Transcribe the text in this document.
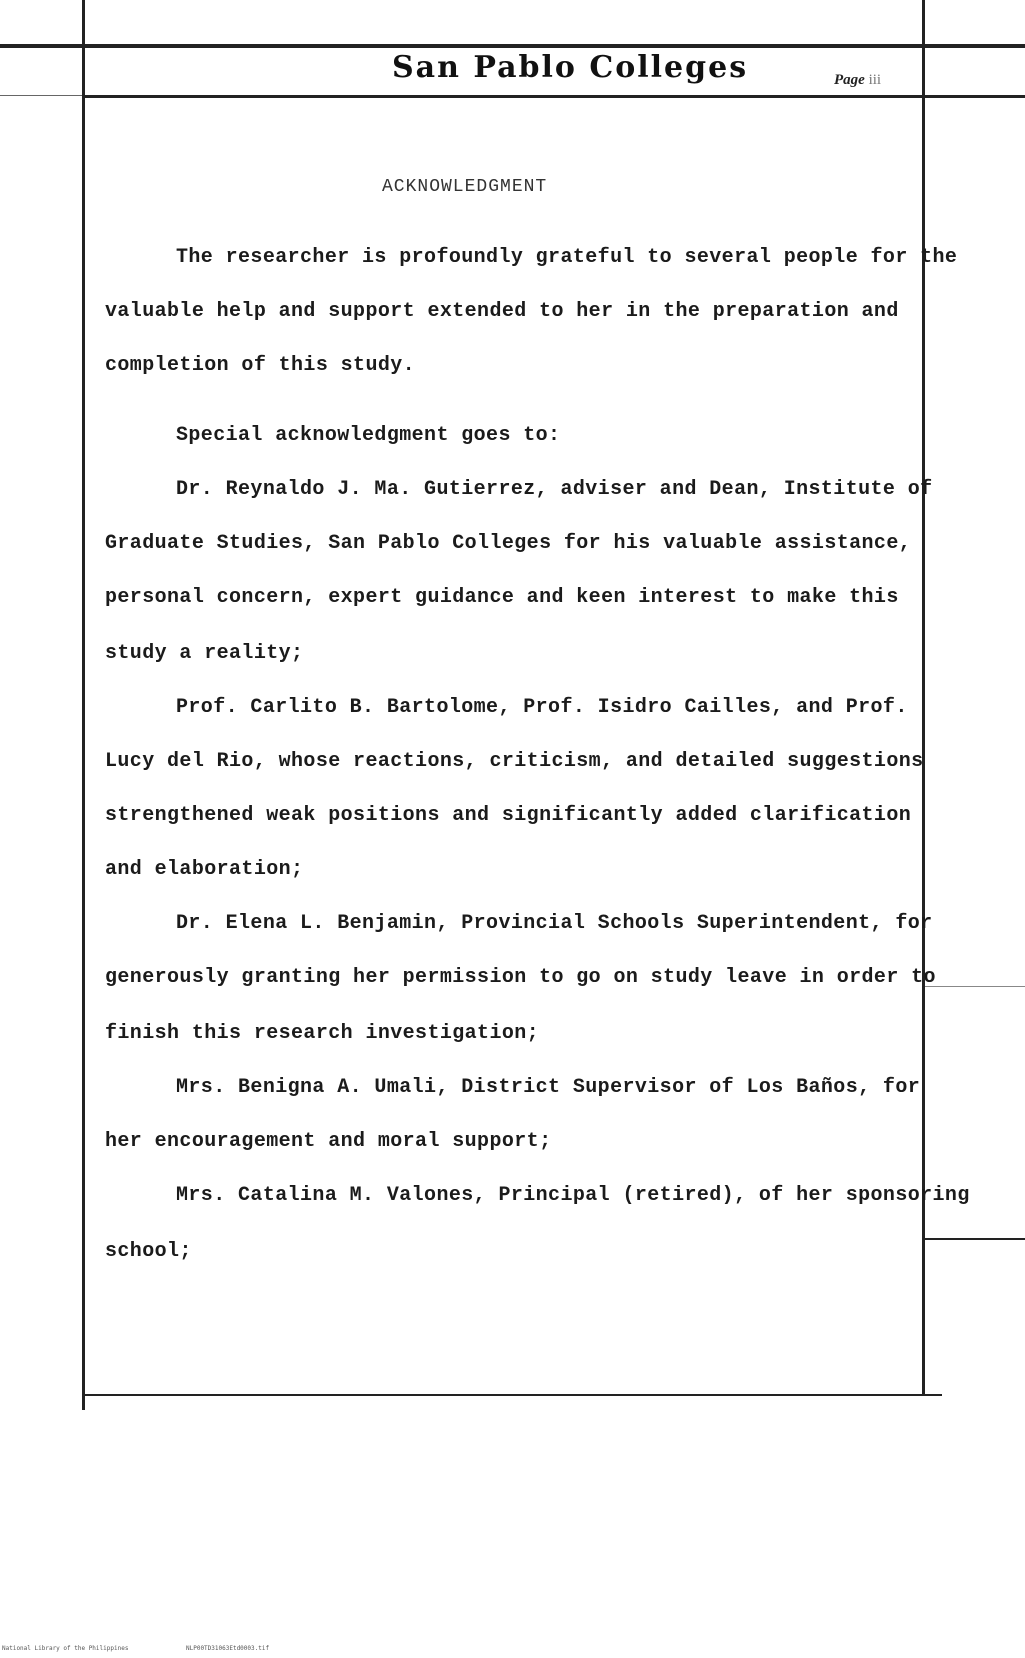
San Pablo Colleges	Page iii
ACKNOWLEDGMENT
The researcher is profoundly grateful to several people for the
valuable help and support extended to her in the preparation and
completion of this study.
Special acknowledgment goes to:
Dr. Reynaldo J. Ma. Gutierrez, adviser and Dean, Institute of
Graduate Studies, San Pablo Colleges for his valuable assistance,
personal concern, expert guidance and keen interest to make this
study a reality;
Prof. Carlito B. Bartolome, Prof. Isidro Cailles, and Prof.
Lucy del Rio, whose reactions, criticism, and detailed suggestions
strengthened weak positions and significantly added clarification
and elaboration;
Dr. Elena L. Benjamin, Provincial Schools Superintendent, for
generously granting her permission to go on study leave in order to
finish this research investigation;
Mrs. Benigna A. Umali, District Supervisor of Los Baños, for
her encouragement and moral support;
Mrs. Catalina M. Valones, Principal (retired), of her sponsoring
school;
National Library of the Philippines	NLP00TD31063Etd0003.tif
